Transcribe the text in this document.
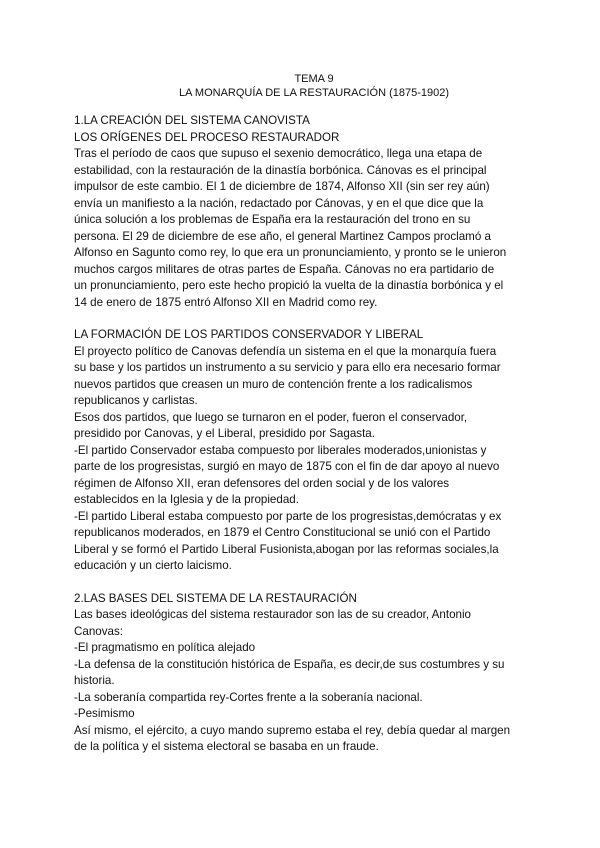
TEMA 9
LA MONARQUÍA DE LA RESTAURACIÓN (1875-1902)

1.LA CREACIÓN DEL SISTEMA CANOVISTA

LOS ORÍGENES DEL PROCESO RESTAURADOR

Tras el período de caos que supuso el sexenio democrático, llega una etapa de
estabilidad, con la restauración de la dinastía borbónica. Cánovas es el principal
impulsor de este cambio. El 1 de diciembre de 1874, Alfonso XII (sin ser rey aún)
envía un manifiesto a la nación, redactado por Cánovas, y en el que dice que la
única solución a los problemas de España era la restauración del trono en su
persona. El 29 de diciembre de ese año, el general Martinez Campos proclamó a
Alfonso en Sagunto como rey, lo que era un pronunciamiento, y pronto se le unieron
muchos cargos militares de otras partes de España. Cánovas no era partidario de
un pronunciamiento, pero este hecho propició la vuelta de la dinastía borbónica y el
14 de enero de 1875 entró Alfonso XII en Madrid como rey.

LA FORMACIÓN DE LOS PARTIDOS CONSERVADOR Y LIBERAL

El proyecto político de Canovas defendía un sistema en el que la monarquía fuera
su base y los partidos un instrumento a su servicio y para ello era necesario formar
nuevos partidos que creasen un muro de contención frente a los radicalismos
republicanos y carlistas.
Esos dos partidos, que luego se turnaron en el poder, fueron el conservador,
presidido por Canovas, y el Liberal, presidido por Sagasta.
-El partido Conservador estaba compuesto por liberales moderados,unionistas y
parte de los progresistas, surgió en mayo de 1875 con el fin de dar apoyo al nuevo
régimen de Alfonso XII, eran defensores del orden social y de los valores
establecidos en la Iglesia y de la propiedad.
-El partido Liberal estaba compuesto por parte de los progresistas,demócratas y ex
republicanos moderados, en 1879 el Centro Constitucional se unió con el Partido
Liberal y se formó el Partido Liberal Fusionista,abogan por las reformas sociales,la
educación y un cierto laicismo.

2.LAS BASES DEL SISTEMA DE LA RESTAURACIÓN

Las bases ideológicas del sistema restaurador son las de su creador, Antonio
Canovas:
-El pragmatismo en política alejado
-La defensa de la constitución histórica de España, es decir,de sus costumbres y su
historia.
-La soberanía compartida rey-Cortes frente a la soberanía nacional.
-Pesimismo
Así mismo, el ejército, a cuyo mando supremo estaba el rey, debía quedar al margen
de la política y el sistema electoral se basaba en un fraude.
